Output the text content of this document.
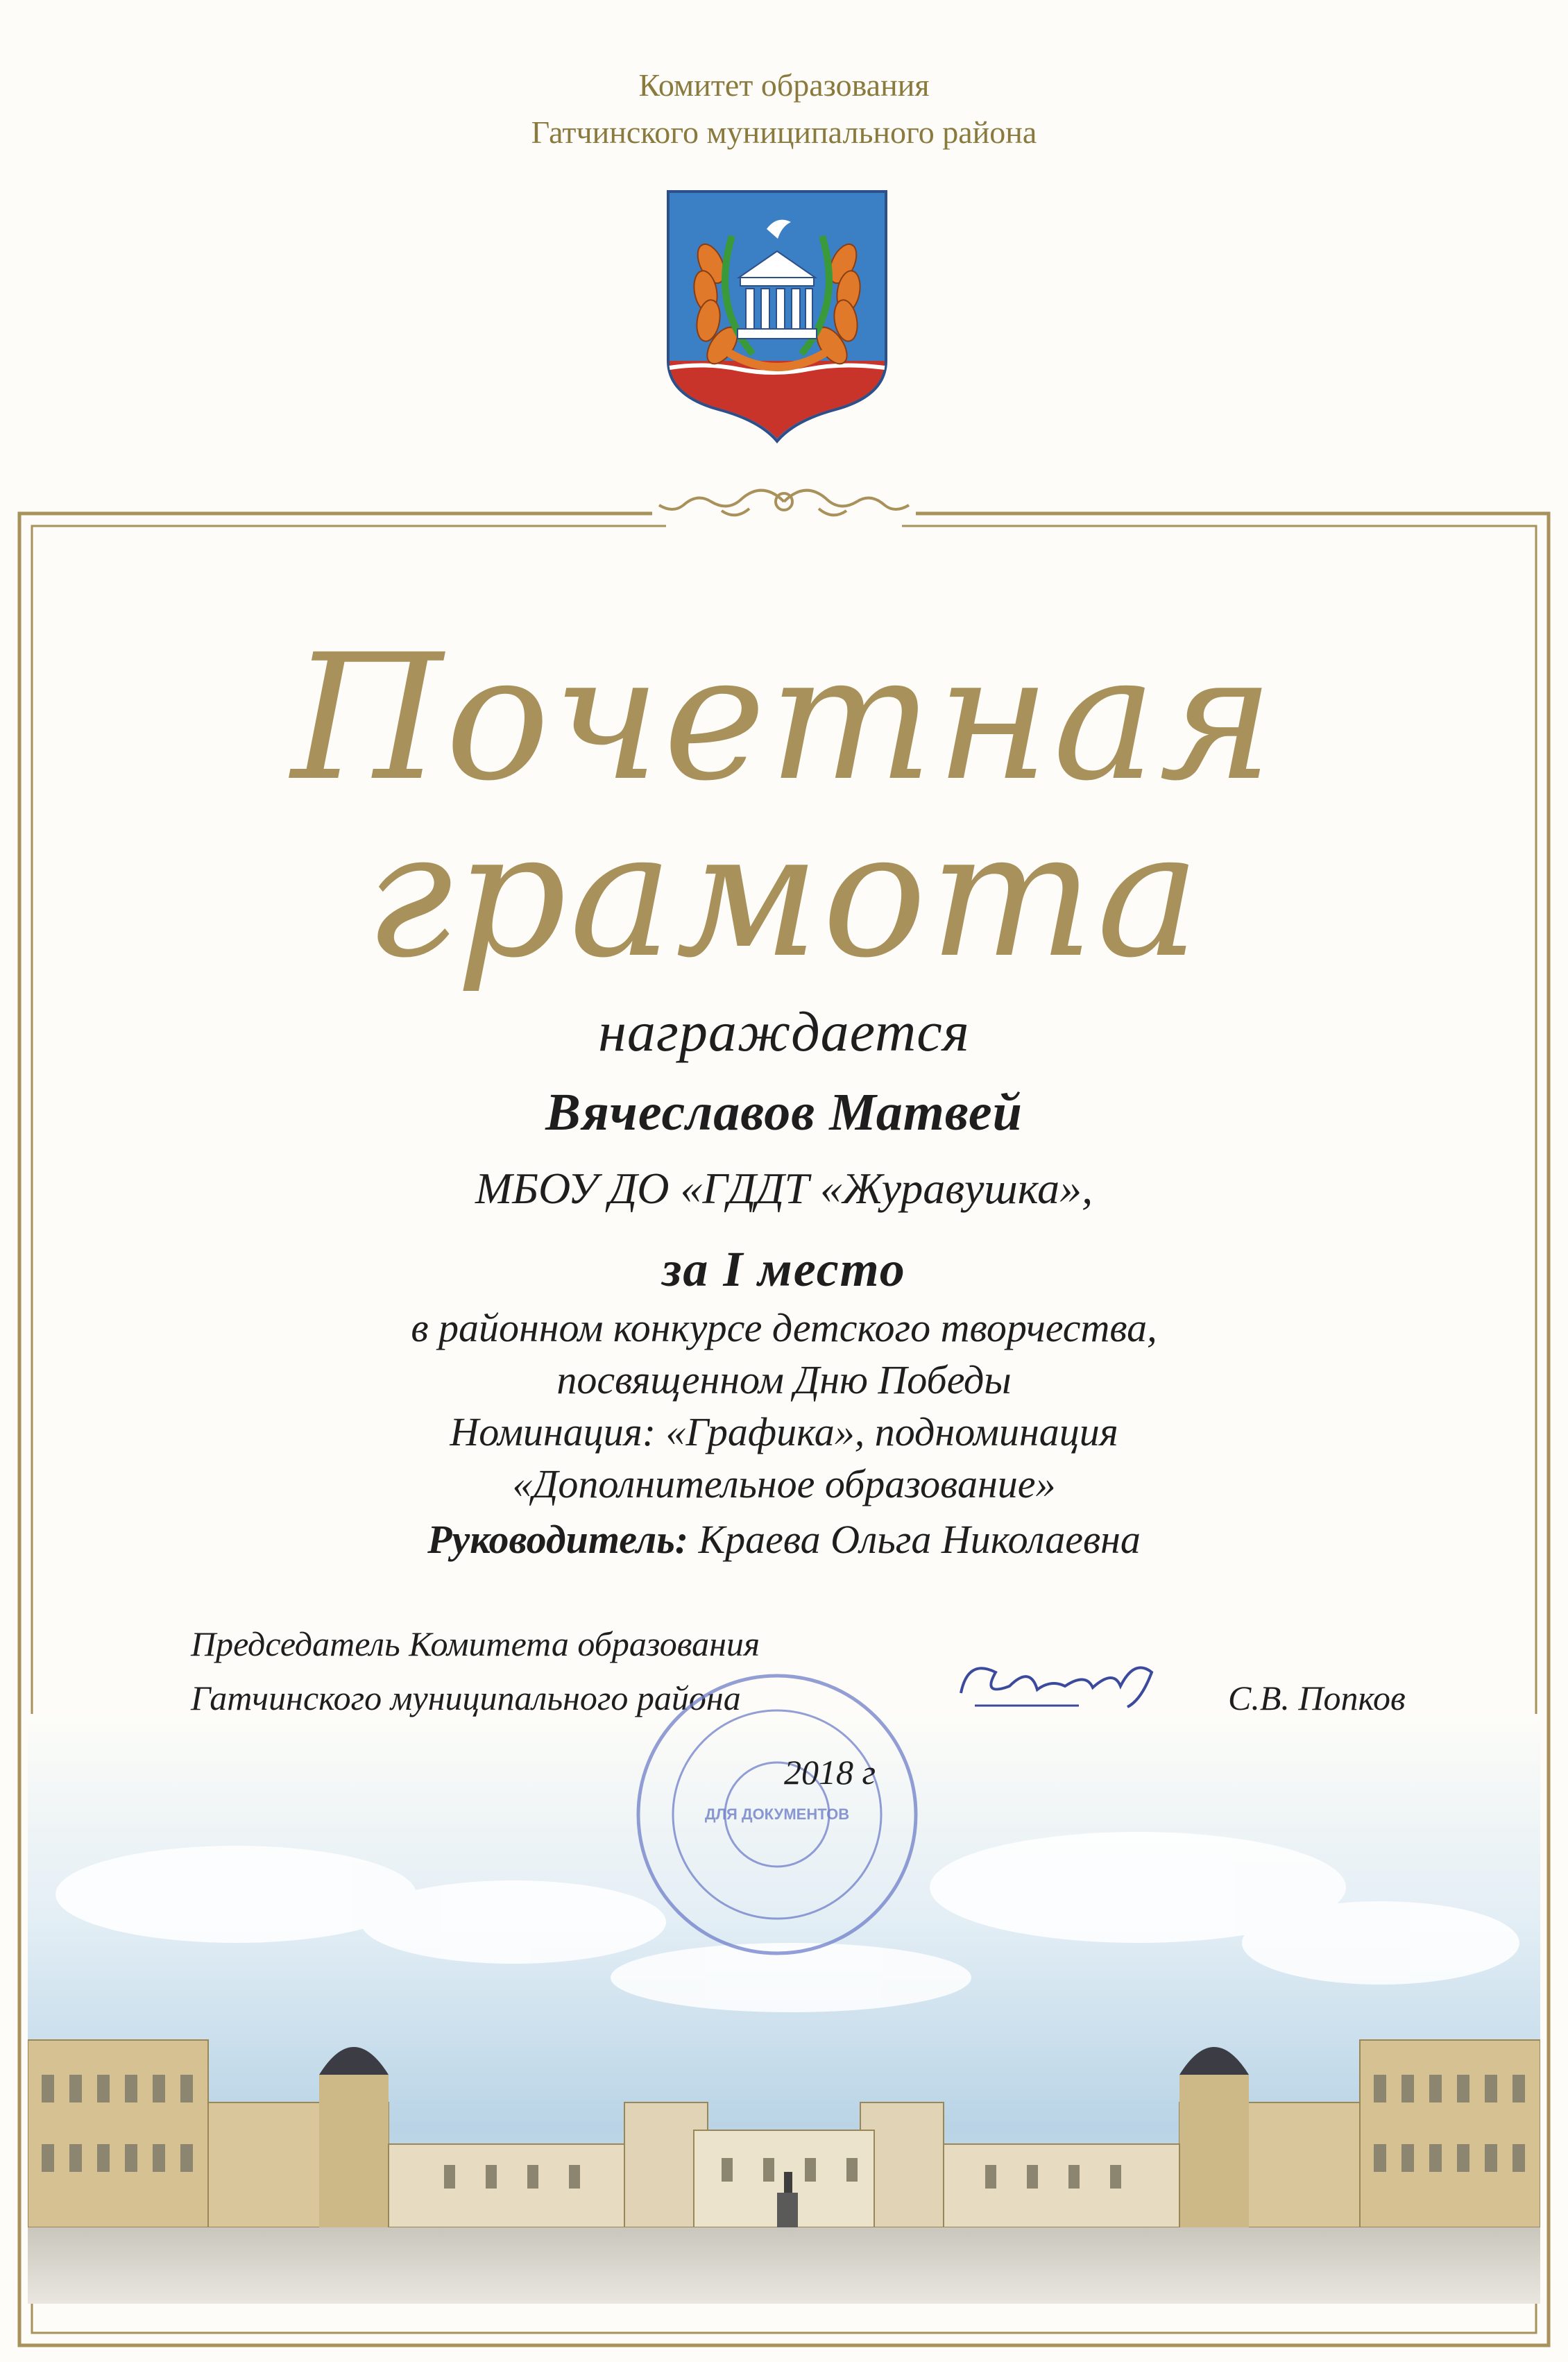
Комитет образования
Гатчинского муниципального района
Почетная
грамота
награждается
Вячеславов Матвей
МБОУ ДО «ГДДТ «Журавушка»,
за I место
в районном конкурсе детского творчества,
посвященном Дню Победы
Номинация: «Графика», подноминация
«Дополнительное образование»
Руководитель: Краева Ольга Николаевна
Председатель Комитета образования
Гатчинского муниципального района	С.В. Попков
ДЛЯ ДОКУМЕНТОВ
2018 г
